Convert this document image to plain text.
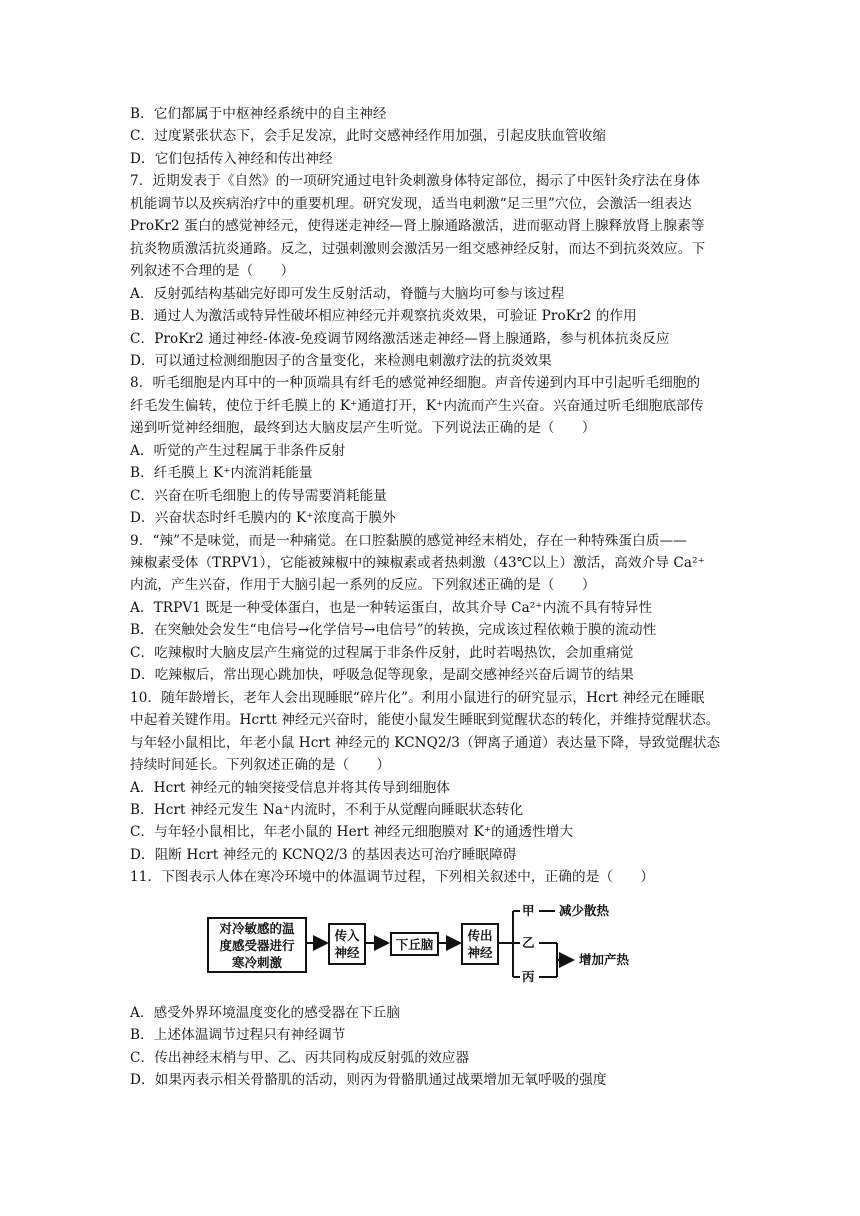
B．它们都属于中枢神经系统中的自主神经
C．过度紧张状态下，会手足发凉，此时交感神经作用加强，引起皮肤血管收缩
D．它们包括传入神经和传出神经
7．近期发表于《自然》的一项研究通过电针灸刺激身体特定部位，揭示了中医针灸疗法在身体
机能调节以及疾病治疗中的重要机理。研究发现，适当电刺激“足三里”穴位，会激活一组表达
ProKr2 蛋白的感觉神经元，使得迷走神经—肾上腺通路激活，进而驱动肾上腺释放肾上腺素等
抗炎物质激活抗炎通路。反之，过强刺激则会激活另一组交感神经反射，而达不到抗炎效应。下
列叙述不合理的是（　　）
A．反射弧结构基础完好即可发生反射活动，脊髓与大脑均可参与该过程
B．通过人为激活或特异性破坏相应神经元并观察抗炎效果，可验证 ProKr2 的作用
C．ProKr2 通过神经-体液-免疫调节网络激活迷走神经—肾上腺通路，参与机体抗炎反应
D．可以通过检测细胞因子的含量变化，来检测电刺激疗法的抗炎效果
8．听毛细胞是内耳中的一种顶端具有纤毛的感觉神经细胞。声音传递到内耳中引起听毛细胞的
纤毛发生偏转，使位于纤毛膜上的 K⁺通道打开，K⁺内流而产生兴奋。兴奋通过听毛细胞底部传
递到听觉神经细胞，最终到达大脑皮层产生听觉。下列说法正确的是（　　）
A．听觉的产生过程属于非条件反射
B．纤毛膜上 K⁺内流消耗能量
C．兴奋在听毛细胞上的传导需要消耗能量
D．兴奋状态时纤毛膜内的 K⁺浓度高于膜外
9．“辣”不是味觉，而是一种痛觉。在口腔黏膜的感觉神经末梢处，存在一种特殊蛋白质——
辣椒素受体（TRPV1），它能被辣椒中的辣椒素或者热刺激（43℃以上）激活，高效介导 Ca²⁺
内流，产生兴奋，作用于大脑引起一系列的反应。下列叙述正确的是（　　）
A．TRPV1 既是一种受体蛋白，也是一种转运蛋白，故其介导 Ca²⁺内流不具有特异性
B．在突触处会发生“电信号→化学信号→电信号”的转换，完成该过程依赖于膜的流动性
C．吃辣椒时大脑皮层产生痛觉的过程属于非条件反射，此时若喝热饮，会加重痛觉
D．吃辣椒后，常出现心跳加快，呼吸急促等现象，是副交感神经兴奋后调节的结果
10．随年龄增长，老年人会出现睡眠“碎片化”。利用小鼠进行的研究显示，Hcrt 神经元在睡眠
中起着关键作用。Hcrtt 神经元兴奋时，能使小鼠发生睡眠到觉醒状态的转化，并维持觉醒状态。
与年轻小鼠相比，年老小鼠 Hcrt 神经元的 KCNQ2/3（钾离子通道）表达量下降，导致觉醒状态
持续时间延长。下列叙述正确的是（　　）
A．Hcrt 神经元的轴突接受信息并将其传导到细胞体
B．Hcrt 神经元发生 Na⁺内流时，不利于从觉醒向睡眠状态转化
C．与年轻小鼠相比，年老小鼠的 Hert 神经元细胞膜对 K⁺的通透性增大
D．阻断 Hcrt 神经元的 KCNQ2/3 的基因表达可治疗睡眠障碍
11．下图表示人体在寒冷环境中的体温调节过程，下列相关叙述中，正确的是（　　）
对冷敏感的温
度感受器进行
寒冷刺激
传入
神经
下丘脑
传出
神经
甲
乙
丙
减少散热
增加产热
A．感受外界环境温度变化的感受器在下丘脑
B．上述体温调节过程只有神经调节
C．传出神经末梢与甲、乙、丙共同构成反射弧的效应器
D．如果丙表示相关骨骼肌的活动，则丙为骨骼肌通过战栗增加无氧呼吸的强度
